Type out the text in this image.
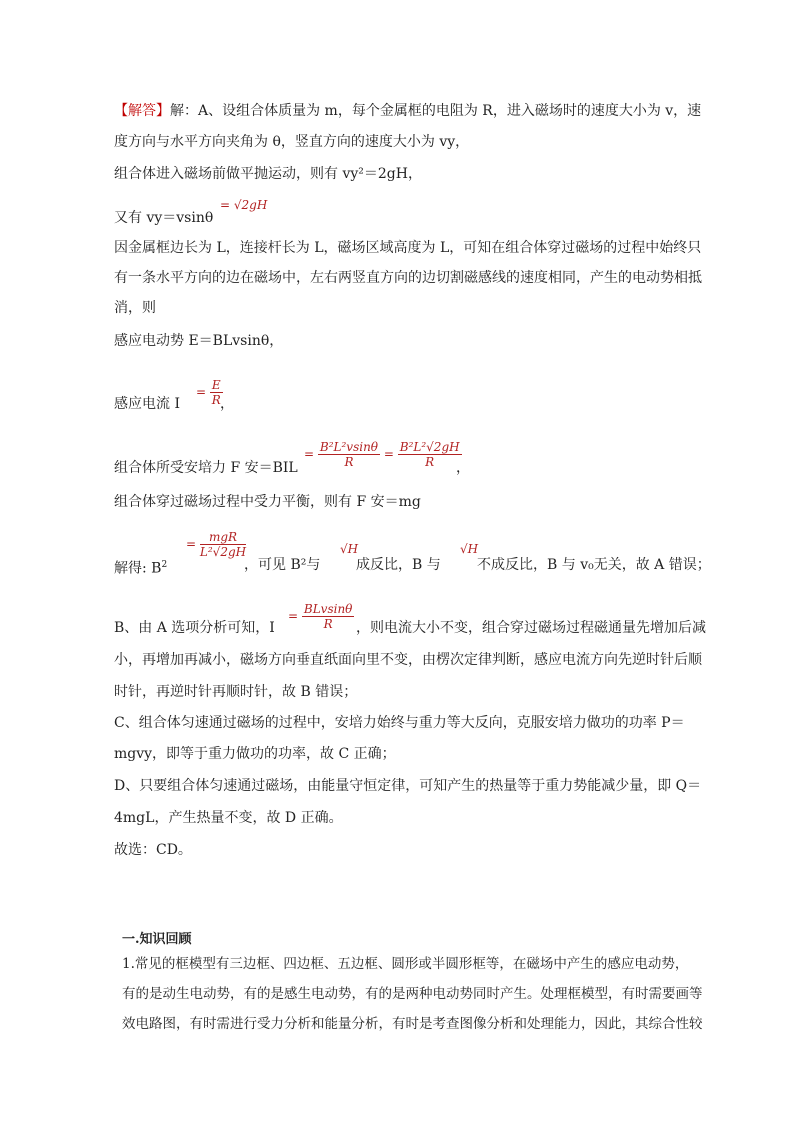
【解答】解：A、设组合体质量为 m，每个金属框的电阻为 R，进入磁场时的速度大小为 v，速
度方向与水平方向夹角为 θ，竖直方向的速度大小为 vy，
组合体进入磁场前做平抛运动，则有 vy²＝2gH，
又有 vy＝vsinθ
= √2gH
因金属框边长为 L，连接杆长为 L，磁场区域高度为 L，可知在组合体穿过磁场的过程中始终只
有一条水平方向的边在磁场中，左右两竖直方向的边切割磁感线的速度相同，产生的电动势相抵
消，则
感应电动势 E＝BLvsinθ，
感应电流 I
= $\frac{E}{R}$
，
组合体所受安培力 F 安＝BIL
= $\frac{\text{B²L²vsinθ}}{R} = \frac{\text{B²L²√2gH}}{R}$
，
组合体穿过磁场过程中受力平衡，则有 F 安＝mg
解得: $B^2$
= $\frac{\text{mgR}}{\text{L²√2gH}}$
，可见 B²与
√H
成反比，B 与
√H
不成反比，B 与 v₀无关，故 A 错误；
B、由 A 选项分析可知，I
= $\frac{\text{BLvsinθ}}{R}$ ，则电流大小不变，组合穿过磁场过程磁通量先增加后减
小，再增加再减小，磁场方向垂直纸面向里不变，由楞次定律判断，感应电流方向先逆时针后顺
时针，再逆时针再顺时针，故 B 错误；
C、组合体匀速通过磁场的过程中，安培力始终与重力等大反向，克服安培力做功的功率 P＝
mgvy，即等于重力做功的功率，故 C 正确；
D、只要组合体匀速通过磁场，由能量守恒定律，可知产生的热量等于重力势能减少量，即 Q＝
4mgL，产生热量不变，故 D 正确。
故选：CD。
一.知识回顾
1.常见的框模型有三边框、四边框、五边框、圆形或半圆形框等，在磁场中产生的感应电动势，
有的是动生电动势，有的是感生电动势，有的是两种电动势同时产生。处理框模型，有时需要画等
效电路图，有时需进行受力分析和能量分析，有时是考查图像分析和处理能力，因此，其综合性较
